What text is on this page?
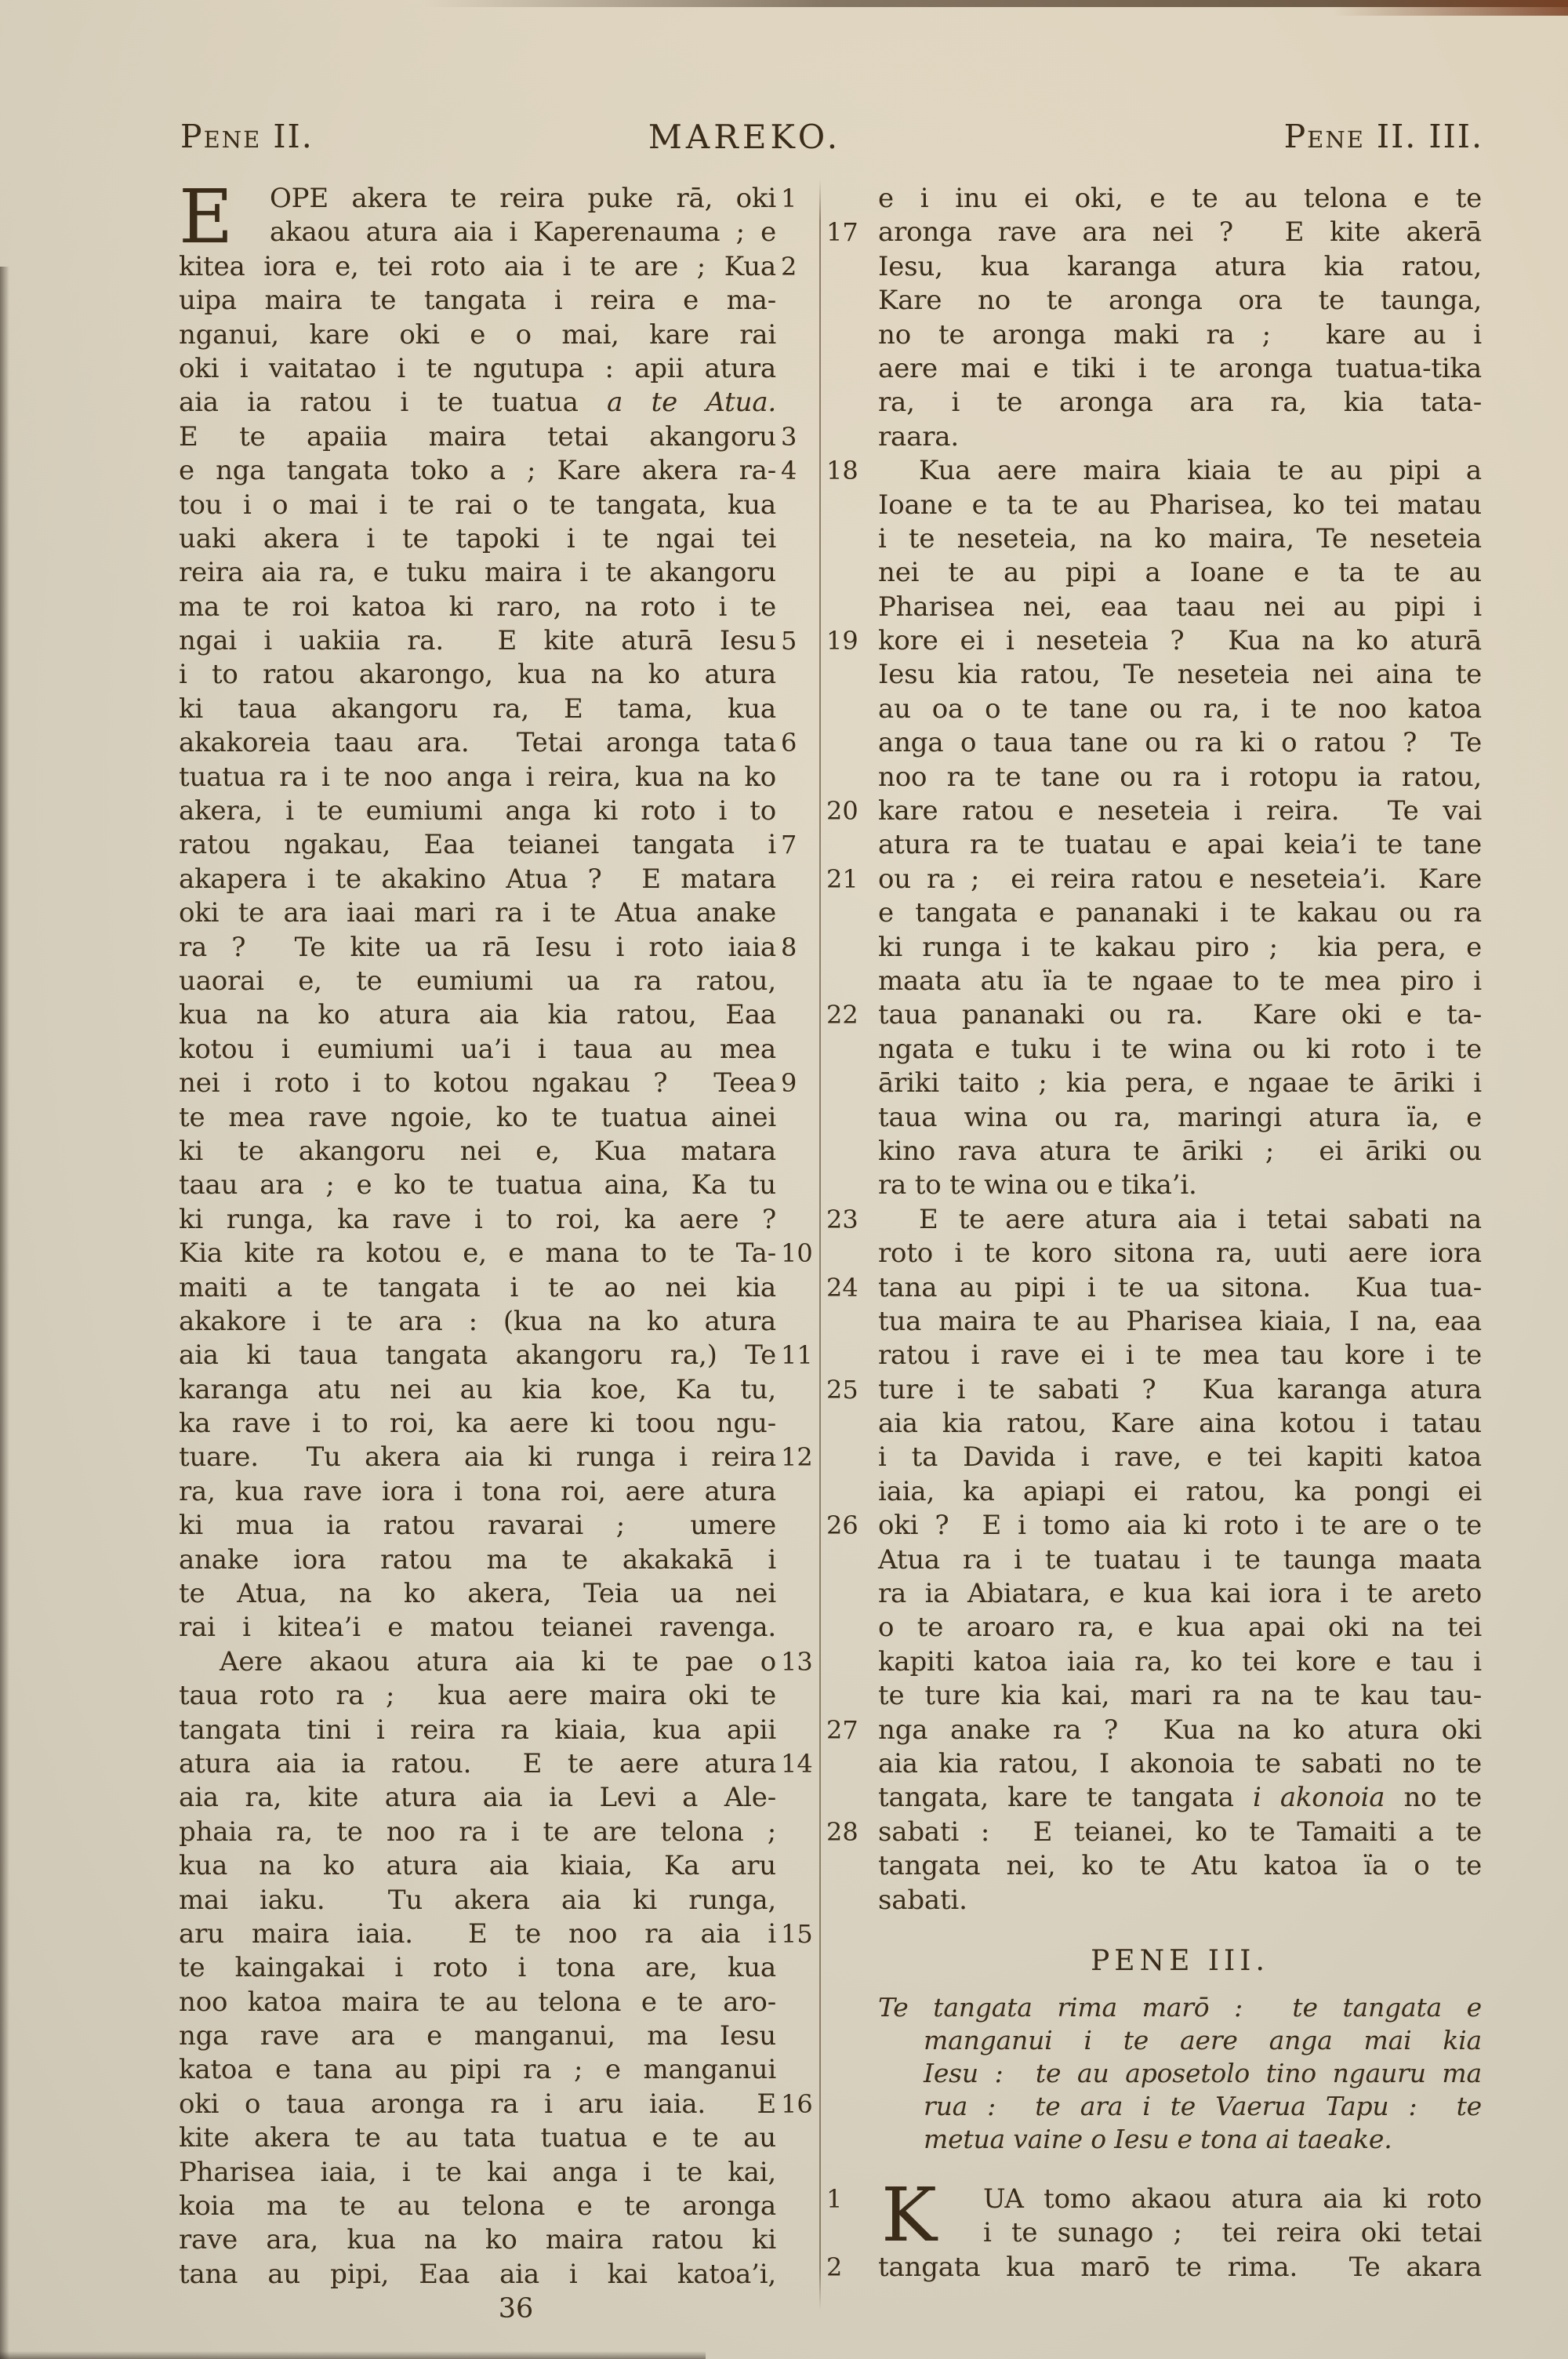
Pene II.	MAREKO.	Pene II. III.
1
E OPE akera te reira puke rā, oki
akaou atura aia i Kaperenauma ; e
2
kitea iora e, tei roto aia i te are ; Kua
uipa maira te tangata i reira e ma-
nganui, kare oki e o mai, kare rai
oki i vaitatao i te ngutupa : apii atura
aia ia ratou i te tuatua a te Atua.
3
E te apaiia maira tetai akangoru
4
e nga tangata toko a ; Kare akera ra-
tou i o mai i te rai o te tangata, kua
uaki akera i te tapoki i te ngai tei
reira aia ra, e tuku maira i te akangoru
ma te roi katoa ki raro, na roto i te
5
ngai i uakiia ra.  E kite aturā Iesu
i to ratou akarongo, kua na ko atura
ki taua akangoru ra, E tama, kua
6
akakoreia taau ara.  Tetai aronga tata
tuatua ra i te noo anga i reira, kua na ko
akera, i te eumiumi anga ki roto i to
7
ratou ngakau, Eaa teianei tangata i
akapera i te akakino Atua ?  E matara
oki te ara iaai mari ra i te Atua anake
8
ra ?  Te kite ua rā Iesu i roto iaia
uaorai e, te eumiumi ua ra ratou,
kua na ko atura aia kia ratou, Eaa
kotou i eumiumi ua’i i taua au mea
9
nei i roto i to kotou ngakau ?  Teea
te mea rave ngoie, ko te tuatua ainei
ki te akangoru nei e, Kua matara
taau ara ; e ko te tuatua aina, Ka tu
ki runga, ka rave i to roi, ka aere ?
10
Kia kite ra kotou e, e mana to te Ta-
maiti a te tangata i te ao nei kia
akakore i te ara : (kua na ko atura
11
aia ki taua tangata akangoru ra,) Te
karanga atu nei au kia koe, Ka tu,
ka rave i to roi, ka aere ki toou ngu-
12
tuare.  Tu akera aia ki runga i reira
ra, kua rave iora i tona roi, aere atura
ki mua ia ratou ravarai ;  umere
anake iora ratou ma te akakakā i
te Atua, na ko akera, Teia ua nei
rai i kitea’i e matou teianei ravenga.
13
Aere akaou atura aia ki te pae o
taua roto ra ;  kua aere maira oki te
tangata tini i reira ra kiaia, kua apii
14
atura aia ia ratou.  E te aere atura
aia ra, kite atura aia ia Levi a Ale-
phaia ra, te noo ra i te are telona ;
kua na ko atura aia kiaia, Ka aru
mai iaku.  Tu akera aia ki runga,
15
aru maira iaia.  E te noo ra aia i
te kaingakai i roto i tona are, kua
noo katoa maira te au telona e te aro-
nga rave ara e manganui, ma Iesu
katoa e tana au pipi ra ; e manganui
16
oki o taua aronga ra i aru iaia.  E
kite akera te au tata tuatua e te au
Pharisea iaia, i te kai anga i te kai,
koia ma te au telona e te aronga
rave ara, kua na ko maira ratou ki
tana au pipi, Eaa aia i kai katoa’i,
e i inu ei oki, e te au telona e te
17 aronga rave ara nei ?  E kite akerā
Iesu, kua karanga atura kia ratou,
Kare no te aronga ora te taunga,
no te aronga maki ra ;  kare au i
aere mai e tiki i te aronga tuatua-tika
ra, i te aronga ara ra, kia tata-
raara.
18	Kua aere maira kiaia te au pipi a
Ioane e ta te au Pharisea, ko tei matau
i te neseteia, na ko maira, Te neseteia
nei te au pipi a Ioane e ta te au
Pharisea nei, eaa taau nei au pipi i
19 kore ei i neseteia ?  Kua na ko aturā
Iesu kia ratou, Te neseteia nei aina te
au oa o te tane ou ra, i te noo katoa
anga o taua tane ou ra ki o ratou ?  Te
noo ra te tane ou ra i rotopu ia ratou,
20 kare ratou e neseteia i reira.  Te vai
atura ra te tuatau e apai keia’i te tane
21 ou ra ;  ei reira ratou e neseteia’i.  Kare
e tangata e pananaki i te kakau ou ra
ki runga i te kakau piro ;  kia pera, e
maata atu ïa te ngaae to te mea piro i
22 taua pananaki ou ra.  Kare oki e ta-
ngata e tuku i te wina ou ki roto i te
āriki taito ; kia pera, e ngaae te āriki i
taua wina ou ra, maringi atura ïa, e
kino rava atura te āriki ;  ei āriki ou
ra to te wina ou e tika’i.
23	E te aere atura aia i tetai sabati na
roto i te koro sitona ra, uuti aere iora
24 tana au pipi i te ua sitona.  Kua tua-
tua maira te au Pharisea kiaia, I na, eaa
ratou i rave ei i te mea tau kore i te
25 ture i te sabati ?  Kua karanga atura
aia kia ratou, Kare aina kotou i tatau
i ta Davida i rave, e tei kapiti katoa
iaia, ka apiapi ei ratou, ka pongi ei
26 oki ?  E i tomo aia ki roto i te are o te
Atua ra i te tuatau i te taunga maata
ra ia Abiatara, e kua kai iora i te areto
o te aroaro ra, e kua apai oki na tei
kapiti katoa iaia ra, ko tei kore e tau i
te ture kia kai, mari ra na te kau tau-
27 nga anake ra ?  Kua na ko atura oki
aia kia ratou, I akonoia te sabati no te
tangata, kare te tangata i akonoia no te
28 sabati :  E teianei, ko te Tamaiti a te
tangata nei, ko te Atu katoa ïa o te
sabati.
PENE III.
Te tangata rima marō :  te tangata e
manganui i te aere anga mai kia
Iesu :  te au aposetolo tino ngauru ma
rua :  te ara i te Vaerua Tapu :  te
metua vaine o Iesu e tona ai taeake.
1 K UA tomo akaou atura aia ki roto
i te sunago ;  tei reira oki tetai
2	tangata kua marō te rima.  Te akara
36
